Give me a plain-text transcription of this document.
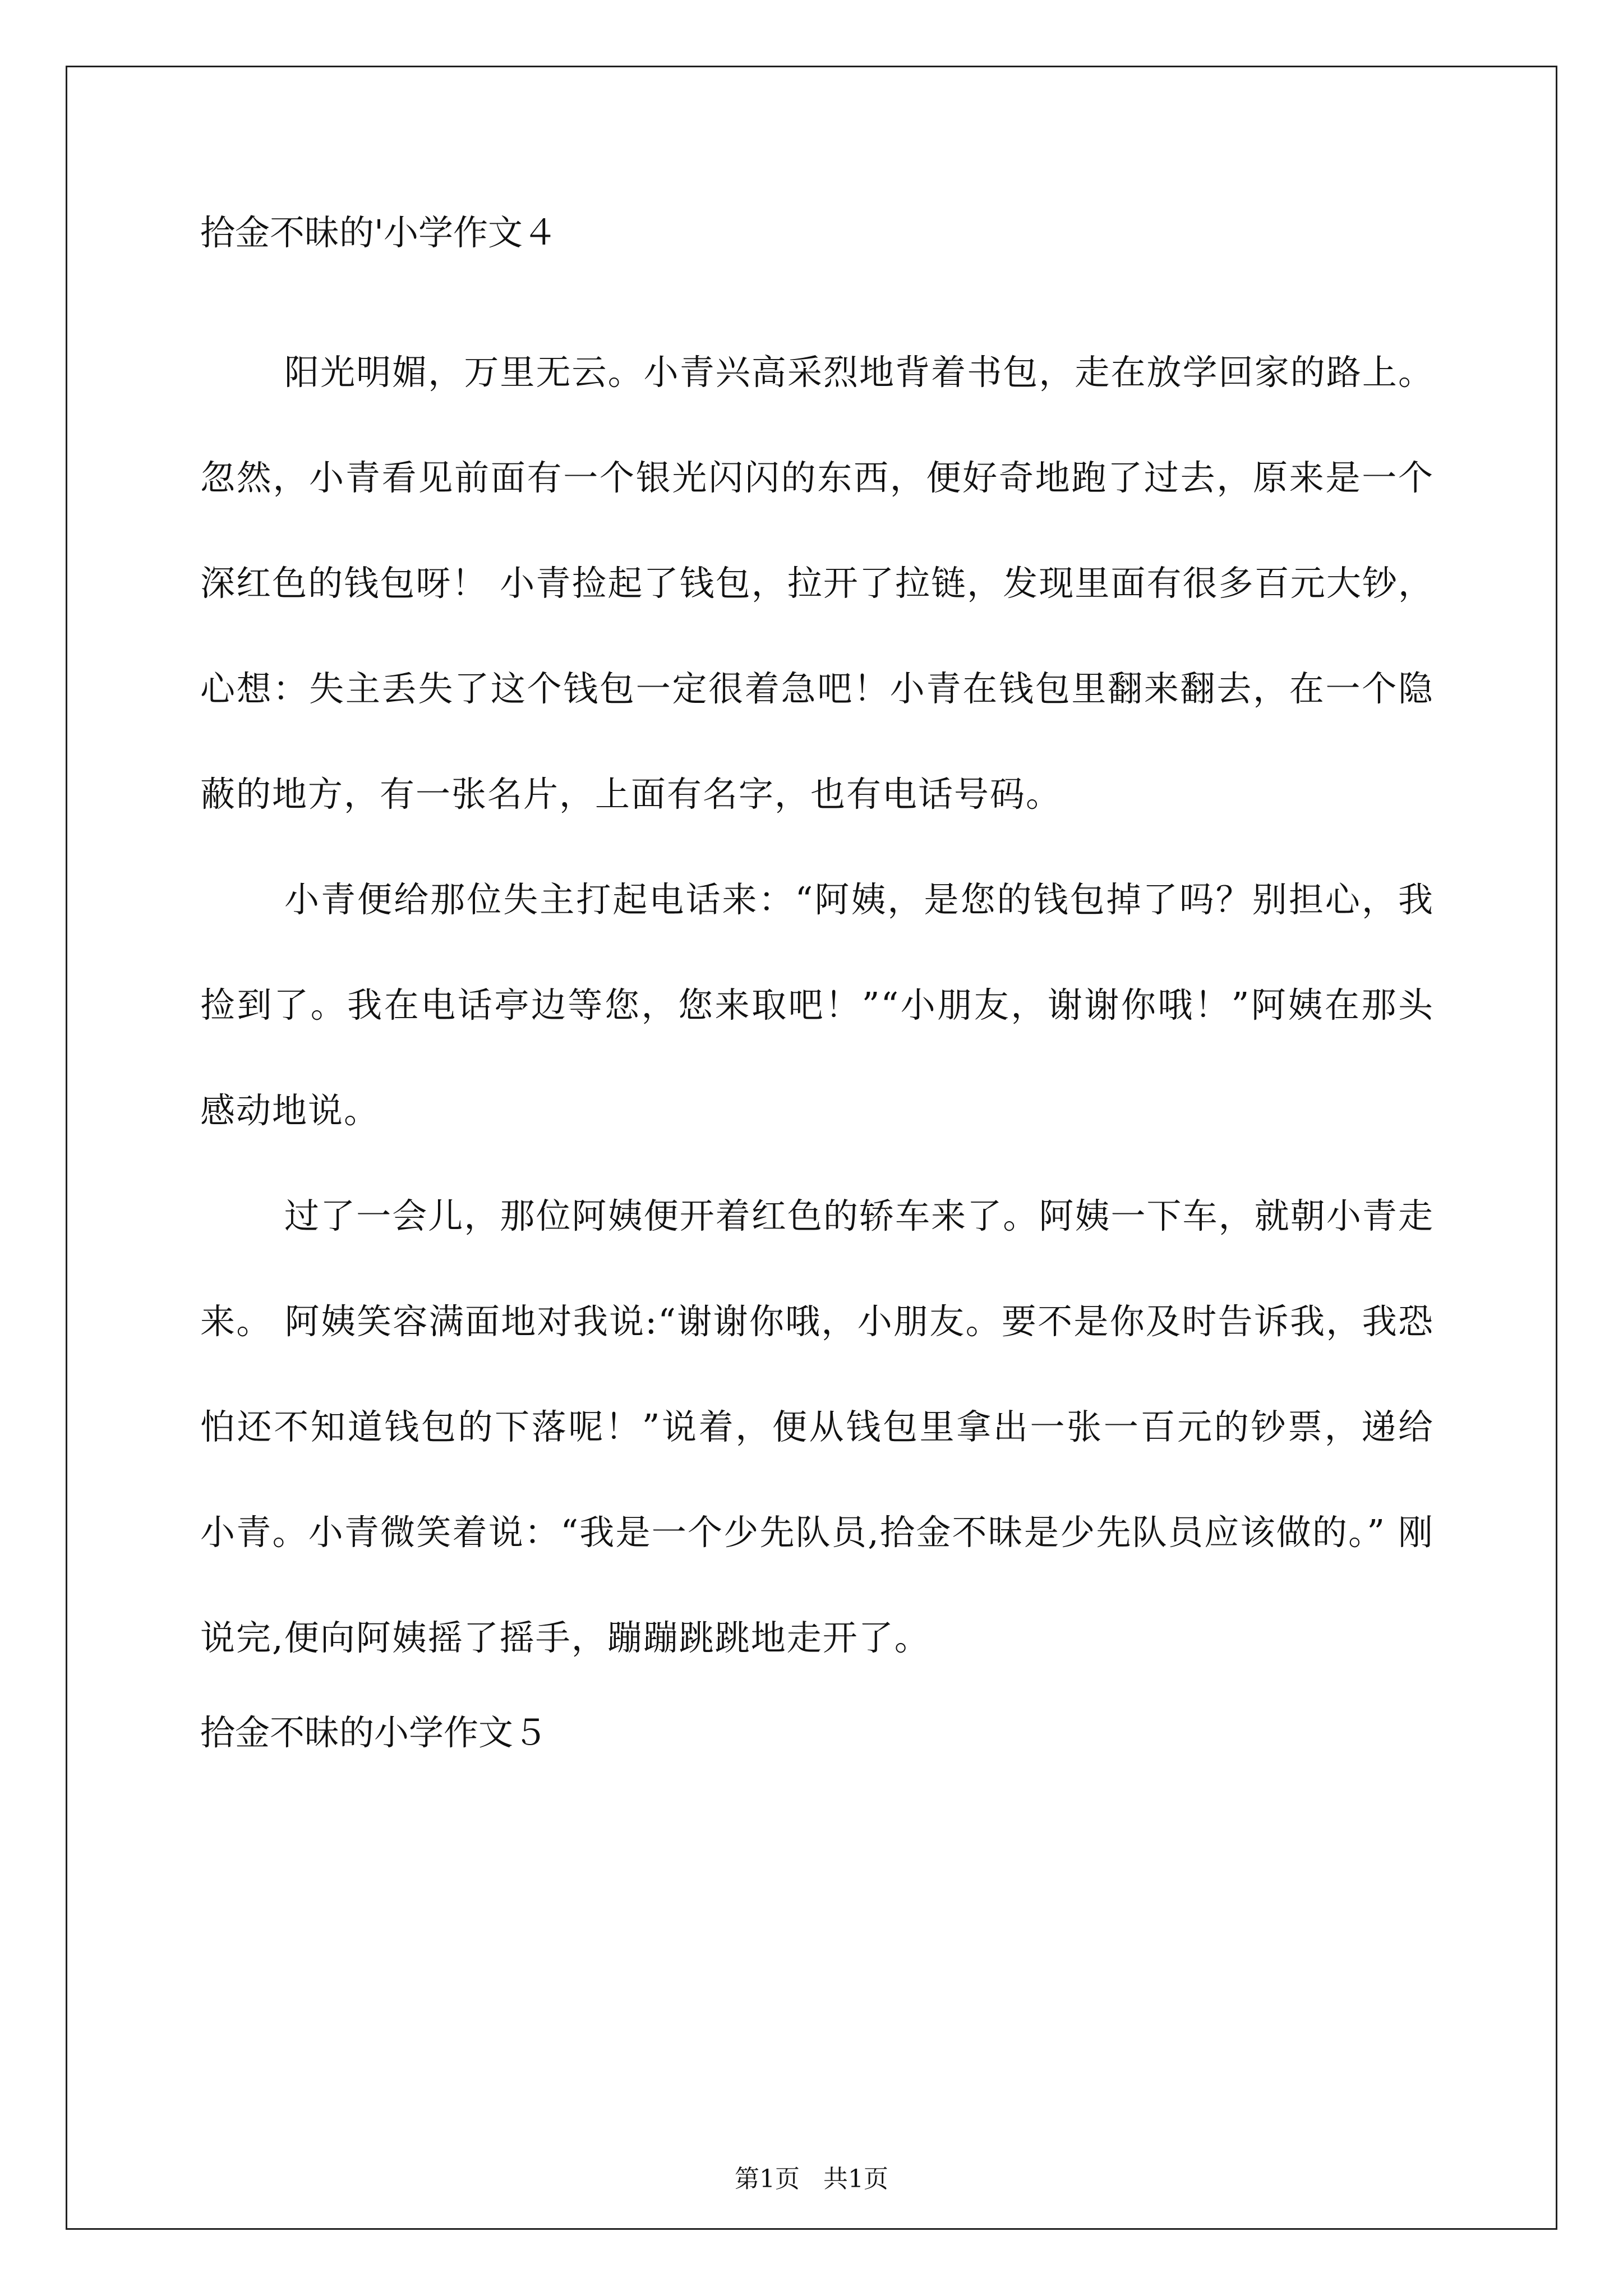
拾金不昧的'小学作文４

阳光明媚，万里无云。小青兴高采烈地背着书包，走在放学回家的路上。忽然，小青看见前面有一个银光闪闪的东西，便好奇地跑了过去，原来是一个深红色的钱包呀！ 小青捡起了钱包，拉开了拉链，发现里面有很多百元大钞，心想：失主丢失了这个钱包一定很着急吧！小青在钱包里翻来翻去，在一个隐蔽的地方，有一张名片，上面有名字，也有电话号码。

小青便给那位失主打起电话来：“阿姨，是您的钱包掉了吗？别担心，我捡到了。我在电话亭边等您，您来取吧！”“小朋友，谢谢你哦！”阿姨在那头感动地说。

过了一会儿，那位阿姨便开着红色的轿车来了。阿姨一下车，就朝小青走来。 阿姨笑容满面地对我说:“谢谢你哦，小朋友。要不是你及时告诉我，我恐怕还不知道钱包的下落呢！”说着，便从钱包里拿出一张一百元的钞票，递给小青。小青微笑着说：“我是一个少先队员,拾金不昧是少先队员应该做的。” 刚说完,便向阿姨摇了摇手，蹦蹦跳跳地走开了。

拾金不昧的小学作文５
第1页   共1页
